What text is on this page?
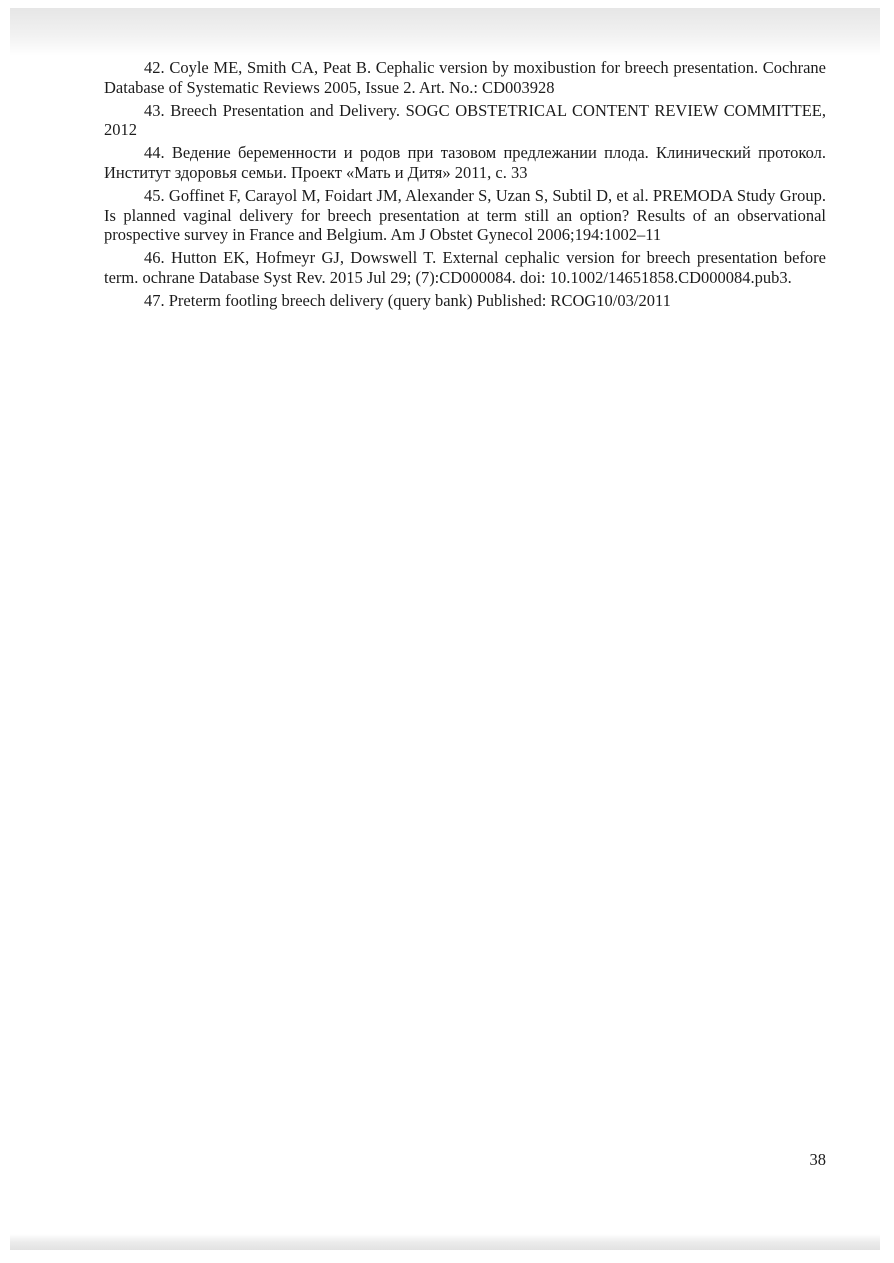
42. Coyle ME, Smith CA, Peat B. Cephalic version by moxibustion for breech presentation. Cochrane Database of Systematic Reviews 2005, Issue 2. Art. No.: CD003928

43. Breech Presentation and Delivery. SOGC OBSTETRICAL CONTENT REVIEW COMMITTEE, 2012

44. Ведение беременности и родов при тазовом предлежании плода. Клинический протокол. Институт здоровья семьи. Проект «Мать и Дитя» 2011, с. 33

45. Goffinet F, Carayol M, Foidart JM, Alexander S, Uzan S, Subtil D, et al. PREMODA Study Group. Is planned vaginal delivery for breech presentation at term still an option? Results of an observational prospective survey in France and Belgium. Am J Obstet Gynecol 2006;194:1002–11

46. Hutton EK, Hofmeyr GJ, Dowswell T. External cephalic version for breech presentation before term. ochrane Database Syst Rev. 2015 Jul 29; (7):CD000084. doi: 10.1002/14651858.CD000084.pub3.

47. Preterm footling breech delivery (query bank) Published: RCOG10/03/2011

38
